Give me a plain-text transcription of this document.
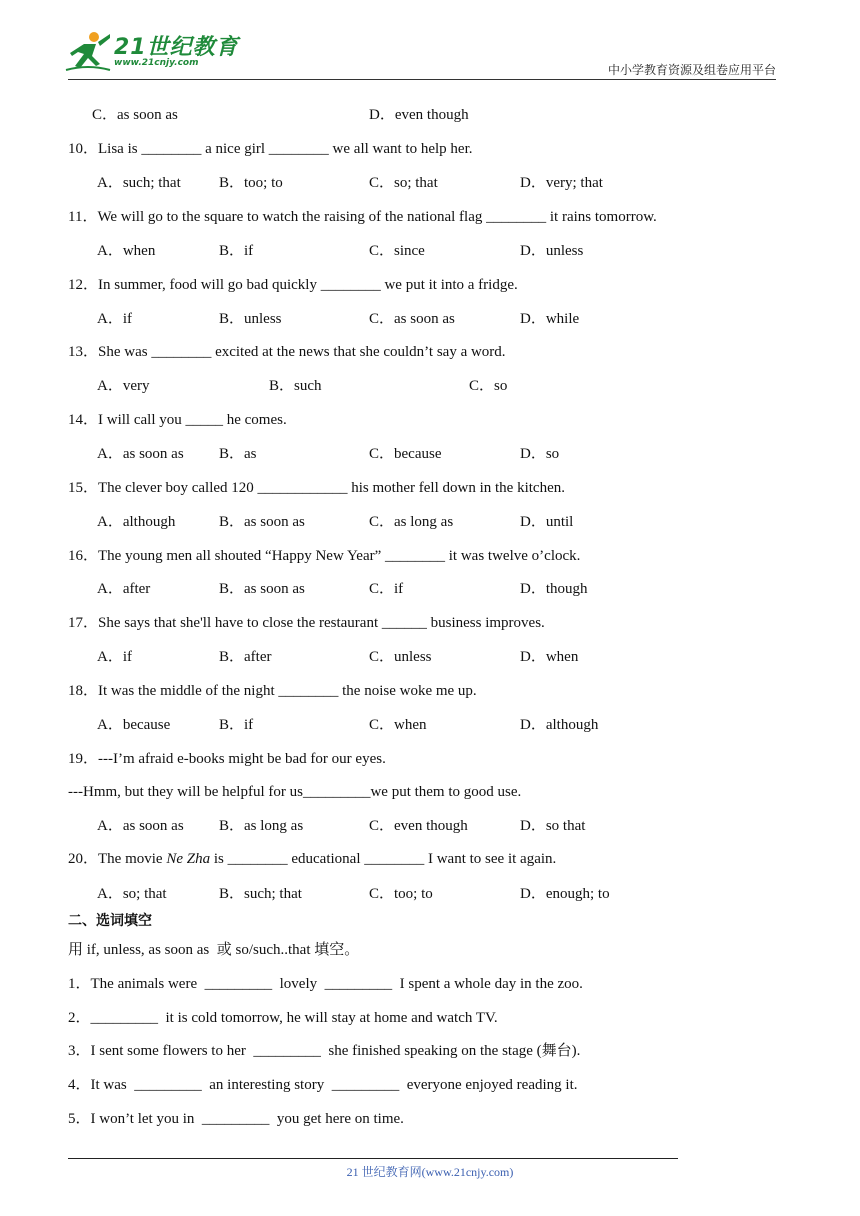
21世纪教育
www.21cnjy.com	中小学教育资源及组卷应用平台
C．as soon as	D．even though
10．Lisa is ________ a nice girl ________ we all want to help her.
A．such; that	B．too; to	C．so; that	D．very; that
11．We will go to the square to watch the raising of the national flag ________ it rains tomorrow.
A．when	B．if	C．since	D．unless
12．In summer, food will go bad quickly ________ we put it into a fridge.
A．if	B．unless	C．as soon as	D．while
13．She was ________ excited at the news that she couldn’t say a word.
A．very	B．such	C．so
14．I will call you _____ he comes.
A．as soon as B．as	C．because	D．so
15．The clever boy called 120 ____________ his mother fell down in the kitchen.
A．although	B．as soon as	C．as long as	D．until
16．The young men all shouted “Happy New Year” ________ it was twelve o’clock.
A．after	B．as soon as	C．if	D．though
17．She says that she'll have to close the restaurant ______ business improves.
A．if	B．after	C．unless	D．when
18．It was the middle of the night ________ the noise woke me up.
A．because	B．if	C．when	D．although
19．---I’m afraid e-books might be bad for our eyes.
---Hmm, but they will be helpful for us_________we put them to good use.
A．as soon as B．as long as	C．even though	D．so that
A．so; that	B．such; that	C．too; to	D．enough; to
20．The movie Ne Zha is ________ educational ________ I want to see it again.
二、选词填空
用 if, unless, as soon as  或 so/such..that 填空。
1．The animals were  _________  lovely  _________  I spent a whole day in the zoo.
2．_________  it is cold tomorrow, he will stay at home and watch TV.
3．I sent some flowers to her  _________  she finished speaking on the stage (舞台).
4．It was  _________  an interesting story  _________  everyone enjoyed reading it.
5．I won’t let you in  _________  you get here on time.
21 世纪教育网(www.21cnjy.com)
